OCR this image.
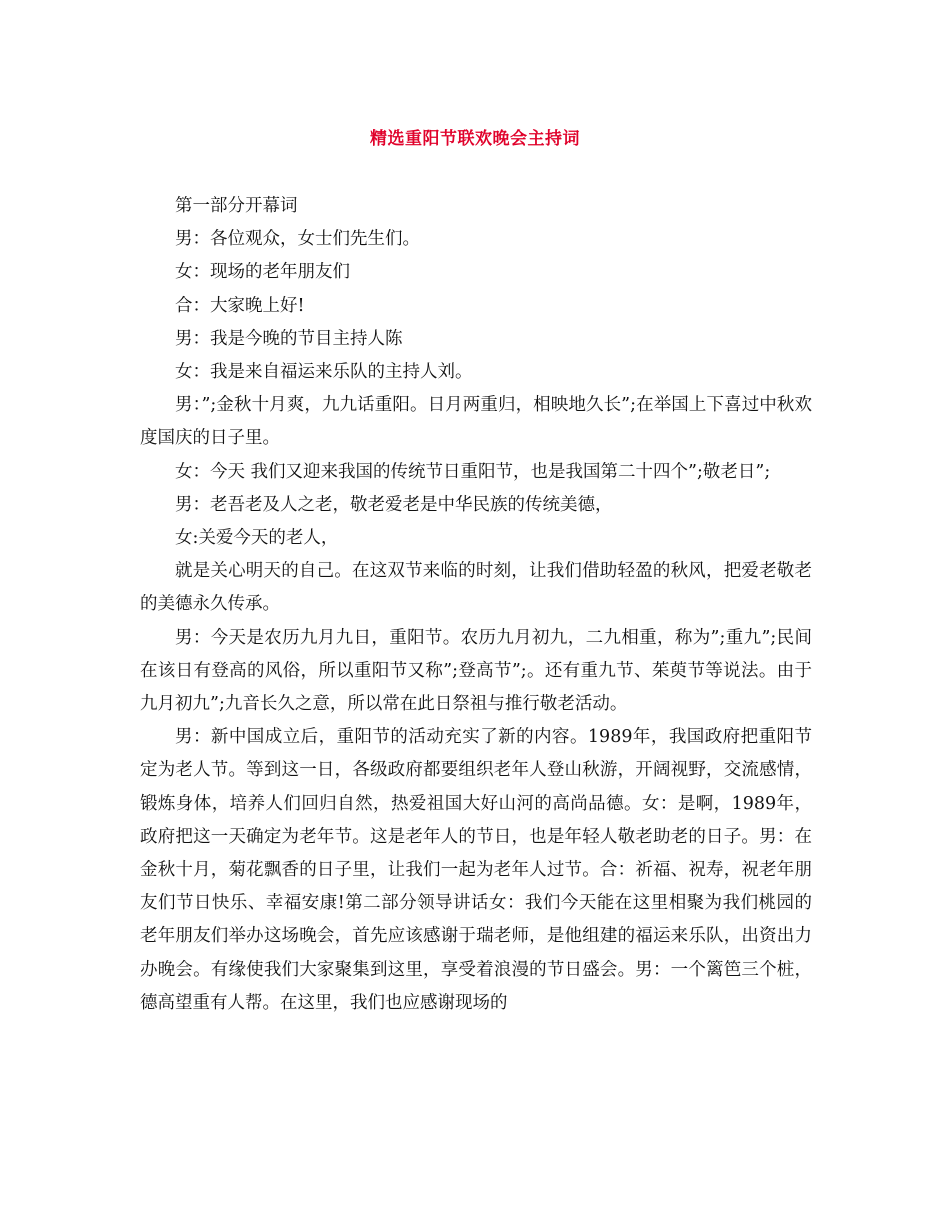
精选重阳节联欢晚会主持词

第一部分开幕词

男：各位观众，女士们先生们。

女：现场的老年朋友们

合：大家晚上好!

男：我是今晚的节目主持人陈

女：我是来自福运来乐队的主持人刘。

男：”;金秋十月爽，九九话重阳。日月两重归，相映地久长”;在举国上下喜过中秋欢度国庆的日子里。

女：今天 我们又迎来我国的传统节日重阳节，也是我国第二十四个”;敬老日”;

男：老吾老及人之老，敬老爱老是中华民族的传统美德，

女:关爱今天的老人，

就是关心明天的自己。在这双节来临的时刻，让我们借助轻盈的秋风，把爱老敬老的美德永久传承。

男：今天是农历九月九日，重阳节。农历九月初九，二九相重，称为”;重九”;民间在该日有登高的风俗，所以重阳节又称”;登高节”;。还有重九节、茱萸节等说法。由于九月初九”;九音长久之意，所以常在此日祭祖与推行敬老活动。

男：新中国成立后，重阳节的活动充实了新的内容。1989年，我国政府把重阳节定为老人节。等到这一日，各级政府都要组织老年人登山秋游，开阔视野，交流感情，锻炼身体，培养人们回归自然，热爱祖国大好山河的高尚品德。女：是啊，1989年，政府把这一天确定为老年节。这是老年人的节日，也是年轻人敬老助老的日子。男：在金秋十月，菊花飘香的日子里，让我们一起为老年人过节。合：祈福、祝寿，祝老年朋友们节日快乐、幸福安康!第二部分领导讲话女：我们今天能在这里相聚为我们桃园的老年朋友们举办这场晚会，首先应该感谢于瑞老师，是他组建的福运来乐队，出资出力办晚会。有缘使我们大家聚集到这里，享受着浪漫的节日盛会。男：一个篱笆三个桩，德高望重有人帮。在这里，我们也应感谢现场的
